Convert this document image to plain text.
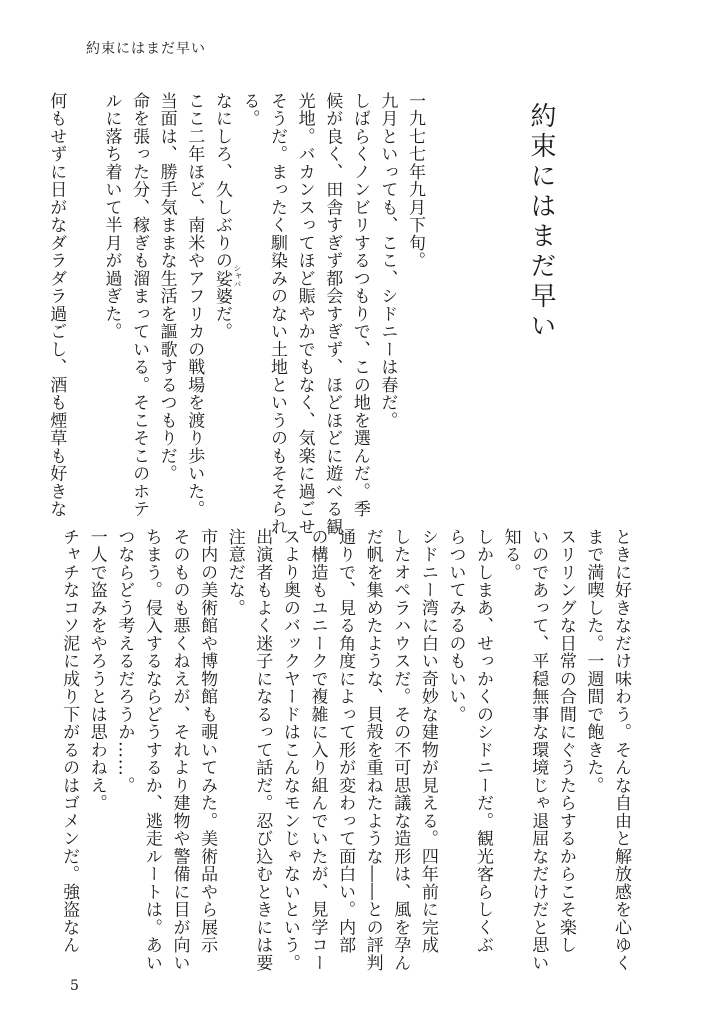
約束にはまだ早い
約束にはまだ早い
一九七七年九月下旬。
九月といっても、ここ、シドニーは春だ。
しばらくノンビリするつもりで、この地を選んだ。季
候が良く、田舎すぎず都会すぎず、ほどほどに遊べる観
光地。バカンスってほど賑やかでもなく、気楽に過ごせ
そうだ。まったく馴染みのない土地というのもそそられ
る。
なにしろ、久しぶりの娑婆 シャバ
だ。
ここ二年ほど、南米やアフリカの戦場を渡り歩いた。
当面は、勝手気ままな生活を謳歌するつもりだ。
命を張った分、稼ぎも溜まっている。そこそこのホテ
ルに落ち着いて半月が過ぎた。

何もせずに日がなダラダラ過ごし、酒も煙草も好きな
ときに好きなだけ味わう。そんな自由と解放感を心ゆく
まで満喫した。一週間で飽きた。
スリリングな日常の合間にぐうたらするからこそ楽し
いのであって、平穏無事な環境じゃ退屈なだけだと思い
知る。
しかしまあ、せっかくのシドニーだ。観光客らしくぶ
らついてみるのもいい。
シドニー湾に白い奇妙な建物が見える。四年前に完成
したオペラハウスだ。その不可思議な造形は、風を孕ん
だ帆を集めたような、貝殻を重ねたような――との評判
通りで、見る角度によって形が変わって面白い。内部
の構造もユニークで複雑に入り組んでいたが、見学コー
スより奥のバックヤードはこんなモンじゃないという。
出演者もよく迷子になるって話だ。忍び込むときには要
注意だな。
市内の美術館や博物館も覗いてみた。美術品やら展示
そのものも悪くねえが、それより建物や警備に目が向い
ちまう。侵入するならどうするか、逃走ルートは。あい
つならどう考えるだろうか……。
一人で盗みをやろうとは思わねえ。
チャチなコソ泥に成り下がるのはゴメンだ。強盗なん
5
